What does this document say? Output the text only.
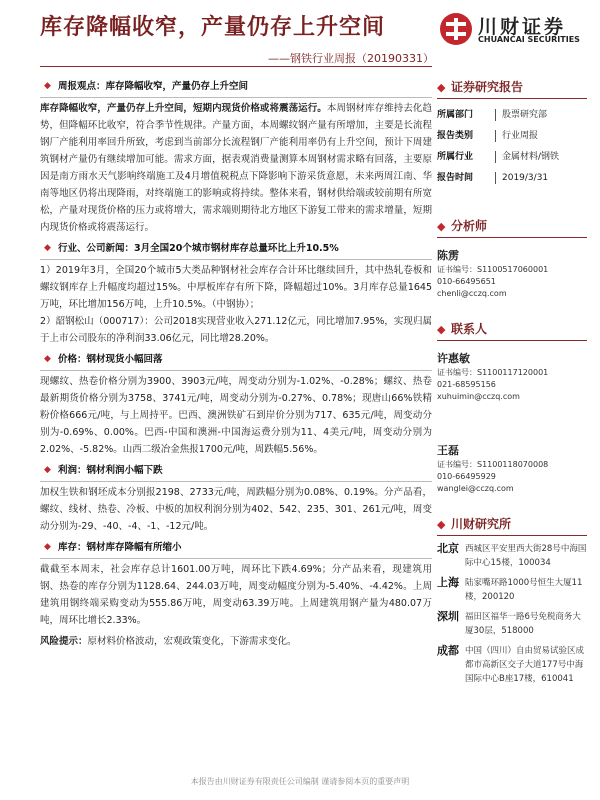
库存降幅收窄，产量仍存上升空间
——钢铁行业周报（20190331）
川财证券
CHUANCAI SECURITIES

◆ 周报观点：库存降幅收窄，产量仍存上升空间

库存降幅收窄，产量仍存上升空间，短期内现货价格或将震荡运行。本周钢材库存维持去化趋势，但降幅环比收窄，符合季节性规律。产量方面，本周螺纹钢产量有所增加，主要是长流程钢厂产能利用率回升所致，考虑到当前部分长流程钢厂产能利用率仍有上升空间，预计下周建筑钢材产量仍有继续增加可能。需求方面，据表观消费量测算本周钢材需求略有回落，主要原因是南方雨水天气影响终端施工及4月增值税税点下降影响下游采货意愿，未来两周江南、华南等地区仍将出现降雨，对终端施工的影响或将持续。整体来看，钢材供给端或较前期有所宽松，产量对现货价格的压力或将增大，需求端则期待北方地区下游复工带来的需求增量，短期内现货价格或将震荡运行。

◆ 行业、公司新闻：3月全国20个城市钢材库存总量环比上升10.5%

1）2019年3月，全国20个城市5大类品种钢材社会库存合计环比继续回升，其中热轧卷板和螺纹钢库存上升幅度均超过15%。中厚板库存有所下降，降幅超过10%。3月库存总量1645万吨，环比增加156万吨，上升10.5%。（中钢协）；

2）韶钢松山（000717）：公司2018实现营业收入271.12亿元，同比增加7.95%，实现归属于上市公司股东的净利润33.06亿元，同比增28.20%。

◆ 价格：钢材现货小幅回落

现螺纹、热卷价格分别为3900、3903元/吨，周变动分别为-1.02%、-0.28%；螺纹、热卷最新期货价格分别为3758、3741元/吨，周变动分别为-0.27%、0.78%；现唐山66%铁精粉价格666元/吨，与上周持平。巴西、澳洲铁矿石到岸价分别为717、635元/吨，周变动分别为-0.69%、0.00%。巴西-中国和澳洲-中国海运费分别为11、4美元/吨，周变动分别为2.02%、-5.82%。山西二级冶金焦报1700元/吨，周跌幅5.56%。

◆ 利润：钢材利润小幅下跌

加权生铁和钢坯成本分别报2198、2733元/吨，周跌幅分别为0.08%、0.19%。分产品看，螺纹、线材、热卷、冷板、中板的加权利润分别为402、542、235、301、261元/吨，周变动分别为-29、-40、-4、-1、-12元/吨。

◆ 库存：钢材库存降幅有所缩小

截截至本周末，社会库存总计1601.00万吨，周环比下跌4.69%；分产品来看，现建筑用钢、热卷的库存分别为1128.64、244.03万吨，周变动幅度分别为-5.40%、-4.42%。上周建筑用钢终端采购变动为555.86万吨，周变动63.39万吨。上周建筑用钢产量为480.07万吨，周环比增长2.33%。

风险提示：原材料价格波动，宏观政策变化，下游需求变化。

◆ 证券研究报告
所属部门	股票研究部
报告类别	行业周报
所属行业	金属材料/钢铁
报告时间	2019/3/31
◆ 分析师
陈雳
证书编号：S1100517060001
010-66495651
chenli@cczq.com
◆ 联系人
许惠敏
证书编号：S1100117120001
021-68595156
xuhuimin@cczq.com
王磊
证书编号：S1100118070008
010-66495929
wanglei@cczq.com
◆ 川财研究所
北京 西城区平安里西大街28号中海国际中心15楼，100034
上海 陆家嘴环路1000号恒生大厦11楼，200120
深圳 福田区福华一路6号免税商务大厦30层，518000
成都 中国（四川）自由贸易试验区成都市高新区交子大道177号中海国际中心B座17楼，610041
本报告由川财证券有限责任公司编制 谨请参阅本页的重要声明
